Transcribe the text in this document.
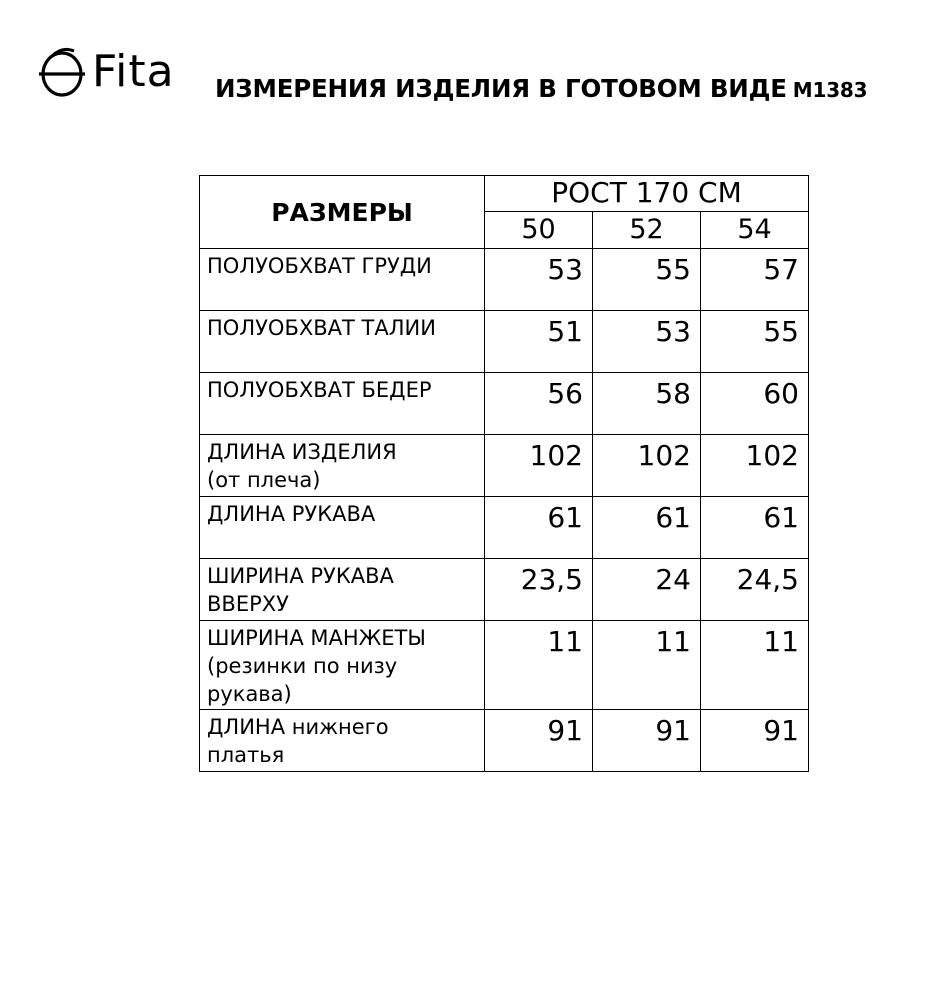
Fita ИЗМЕРЕНИЯ ИЗДЕЛИЯ В ГОТОВОМ ВИДЕ М1383
РАЗМЕРЫ	РОСТ 170 СМ		
	50	52	54

ПОЛУОБХВАТ ГРУДИ	53	55	57

ПОЛУОБХВАТ ТАЛИИ	51	53	55

ПОЛУОБХВАТ БЕДЕР	56	58	60

ДЛИНА ИЗДЕЛИЯ
(от плеча)	102	102	102

ДЛИНА РУКАВА	61	61	61

ШИРИНА РУКАВА
ВВЕРХУ	23,5	24	24,5

ШИРИНА МАНЖЕТЫ
(резинки по низу
рукава)	11	11	11

ДЛИНА нижнего
платья	91	91	91
